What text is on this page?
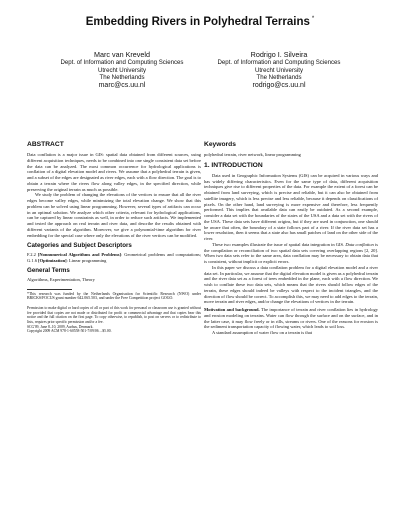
Embedding Rivers in Polyhedral Terrains *
Marc van Kreveld
Dept. of Information and Computing Sciences
Utrecht University
The Netherlands
marc@cs.uu.nl
Rodrigo I. Silveira
Dept. of Information and Computing Sciences
Utrecht University
The Netherlands
rodrigo@cs.uu.nl
ABSTRACT

Data conflation is a major issue in GIS: spatial data obtained from different sources, using different acquisition techniques, needs to be combined into one single consistent data set before the data can be analyzed. The most common occurrence for hydrological applications is conflation of a digital elevation model and rivers. We assume that a polyhedral terrain is given, and a subset of the edges are designated as river edges, each with a flow direction. The goal is to obtain a terrain where the rivers flow along valley edges, in the specified direction, while preserving the original terrain as much as possible.

We study the problem of changing the elevations of the vertices to ensure that all the river edges become valley edges, while minimizing the total elevation change. We show that this problem can be solved using linear programming. However, several types of artifacts can occur in an optimal solution. We analyze which other criteria, relevant for hydrological applications, can be captured by linear constraints as well, in order to reduce such artifacts. We implemented and tested the approach on real terrain and river data, and describe the results obtained with different variants of the algorithm. Moreover, we give a polynomial-time algorithm for river embedding for the special case where only the elevations of the river vertices can be modified.

Categories and Subject Descriptors

F.2.2 [Nonnumerical Algorithms and Problems]: Geometrical problems and computations; G.1.6 [Optimization]: Linear programming

General Terms

Algorithms, Experimentation, Theory

*This research was funded by the Netherlands Organisation for Scientific Research (NWO) under BRICKS/FOCUS grant number 642.065.503, and under the Free Competition project GOGO.

Permission to make digital or hard copies of all or part of this work for personal or classroom use is granted without fee provided that copies are not made or distributed for profit or commercial advantage and that copies bear this notice and the full citation on the first page. To copy otherwise, to republish, to post on servers or to redistribute to lists, requires prior specific permission and/or a fee.

SCG'09, June 8–10, 2009, Aarhus, Denmark.

Copyright 2009 ACM 978-1-60558-501-7/09/06 ...$5.00.

Keywords

polyhedral terrain, river network, linear programming

1. INTRODUCTION

Data used in Geographic Information Systems (GIS) can be acquired in various ways and has widely differing characteristics. Even for the same type of data, different acquisition techniques give rise to different properties of the data. For example the extent of a forest can be obtained from land surveying, which is precise and reliable, but it can also be obtained from satellite imagery, which is less precise and less reliable, because it depends on classifications of pixels. On the other hand, land surveying is more expensive and therefore, less frequently performed. This implies that available data can easily be outdated. As a second example, consider a data set with the boundaries of the states of the USA and a data set with the rivers of the USA. These data sets have different origins, but if they are used in conjunction, one should be aware that often, the boundary of a state follows part of a river. If the river data set has a lower resolution, then it seems that a state also has small patches of land on the other side of the river.

These two examples illustrate the issue of spatial data integration in GIS. Data conflation is the compilation or reconciliation of two spatial data sets covering overlapping regions [2, 20]. When two data sets refer to the same area, data conflation may be necessary to obtain data that is consistent, without implicit or explicit errors.

In this paper we discuss a data conflation problem for a digital elevation model and a river data set. In particular, we assume that the digital elevation model is given as a polyhedral terrain and the river data set as a forest of trees embedded in the plane, each with a flow direction. We wish to conflate these two data sets, which means that the rivers should follow edges of the terrain, these edges should indeed be valleys with respect to the incident triangles, and the direction of flow should be correct. To accomplish this, we may need to add edges to the terrain, move terrain and river edges, and/or change the elevations of vertices in the terrain.

Motivation and background. The importance of terrain and river conflation lies in hydrology and erosion modeling on terrains. Water can flow through the surface and on the surface, and in the latter case, it may flow freely or in rills, streams or rivers. One of the reasons for erosion is the sediment transportation capacity of flowing water, which leads to soil loss.

A standard assumption of water flow on a terrain is that
